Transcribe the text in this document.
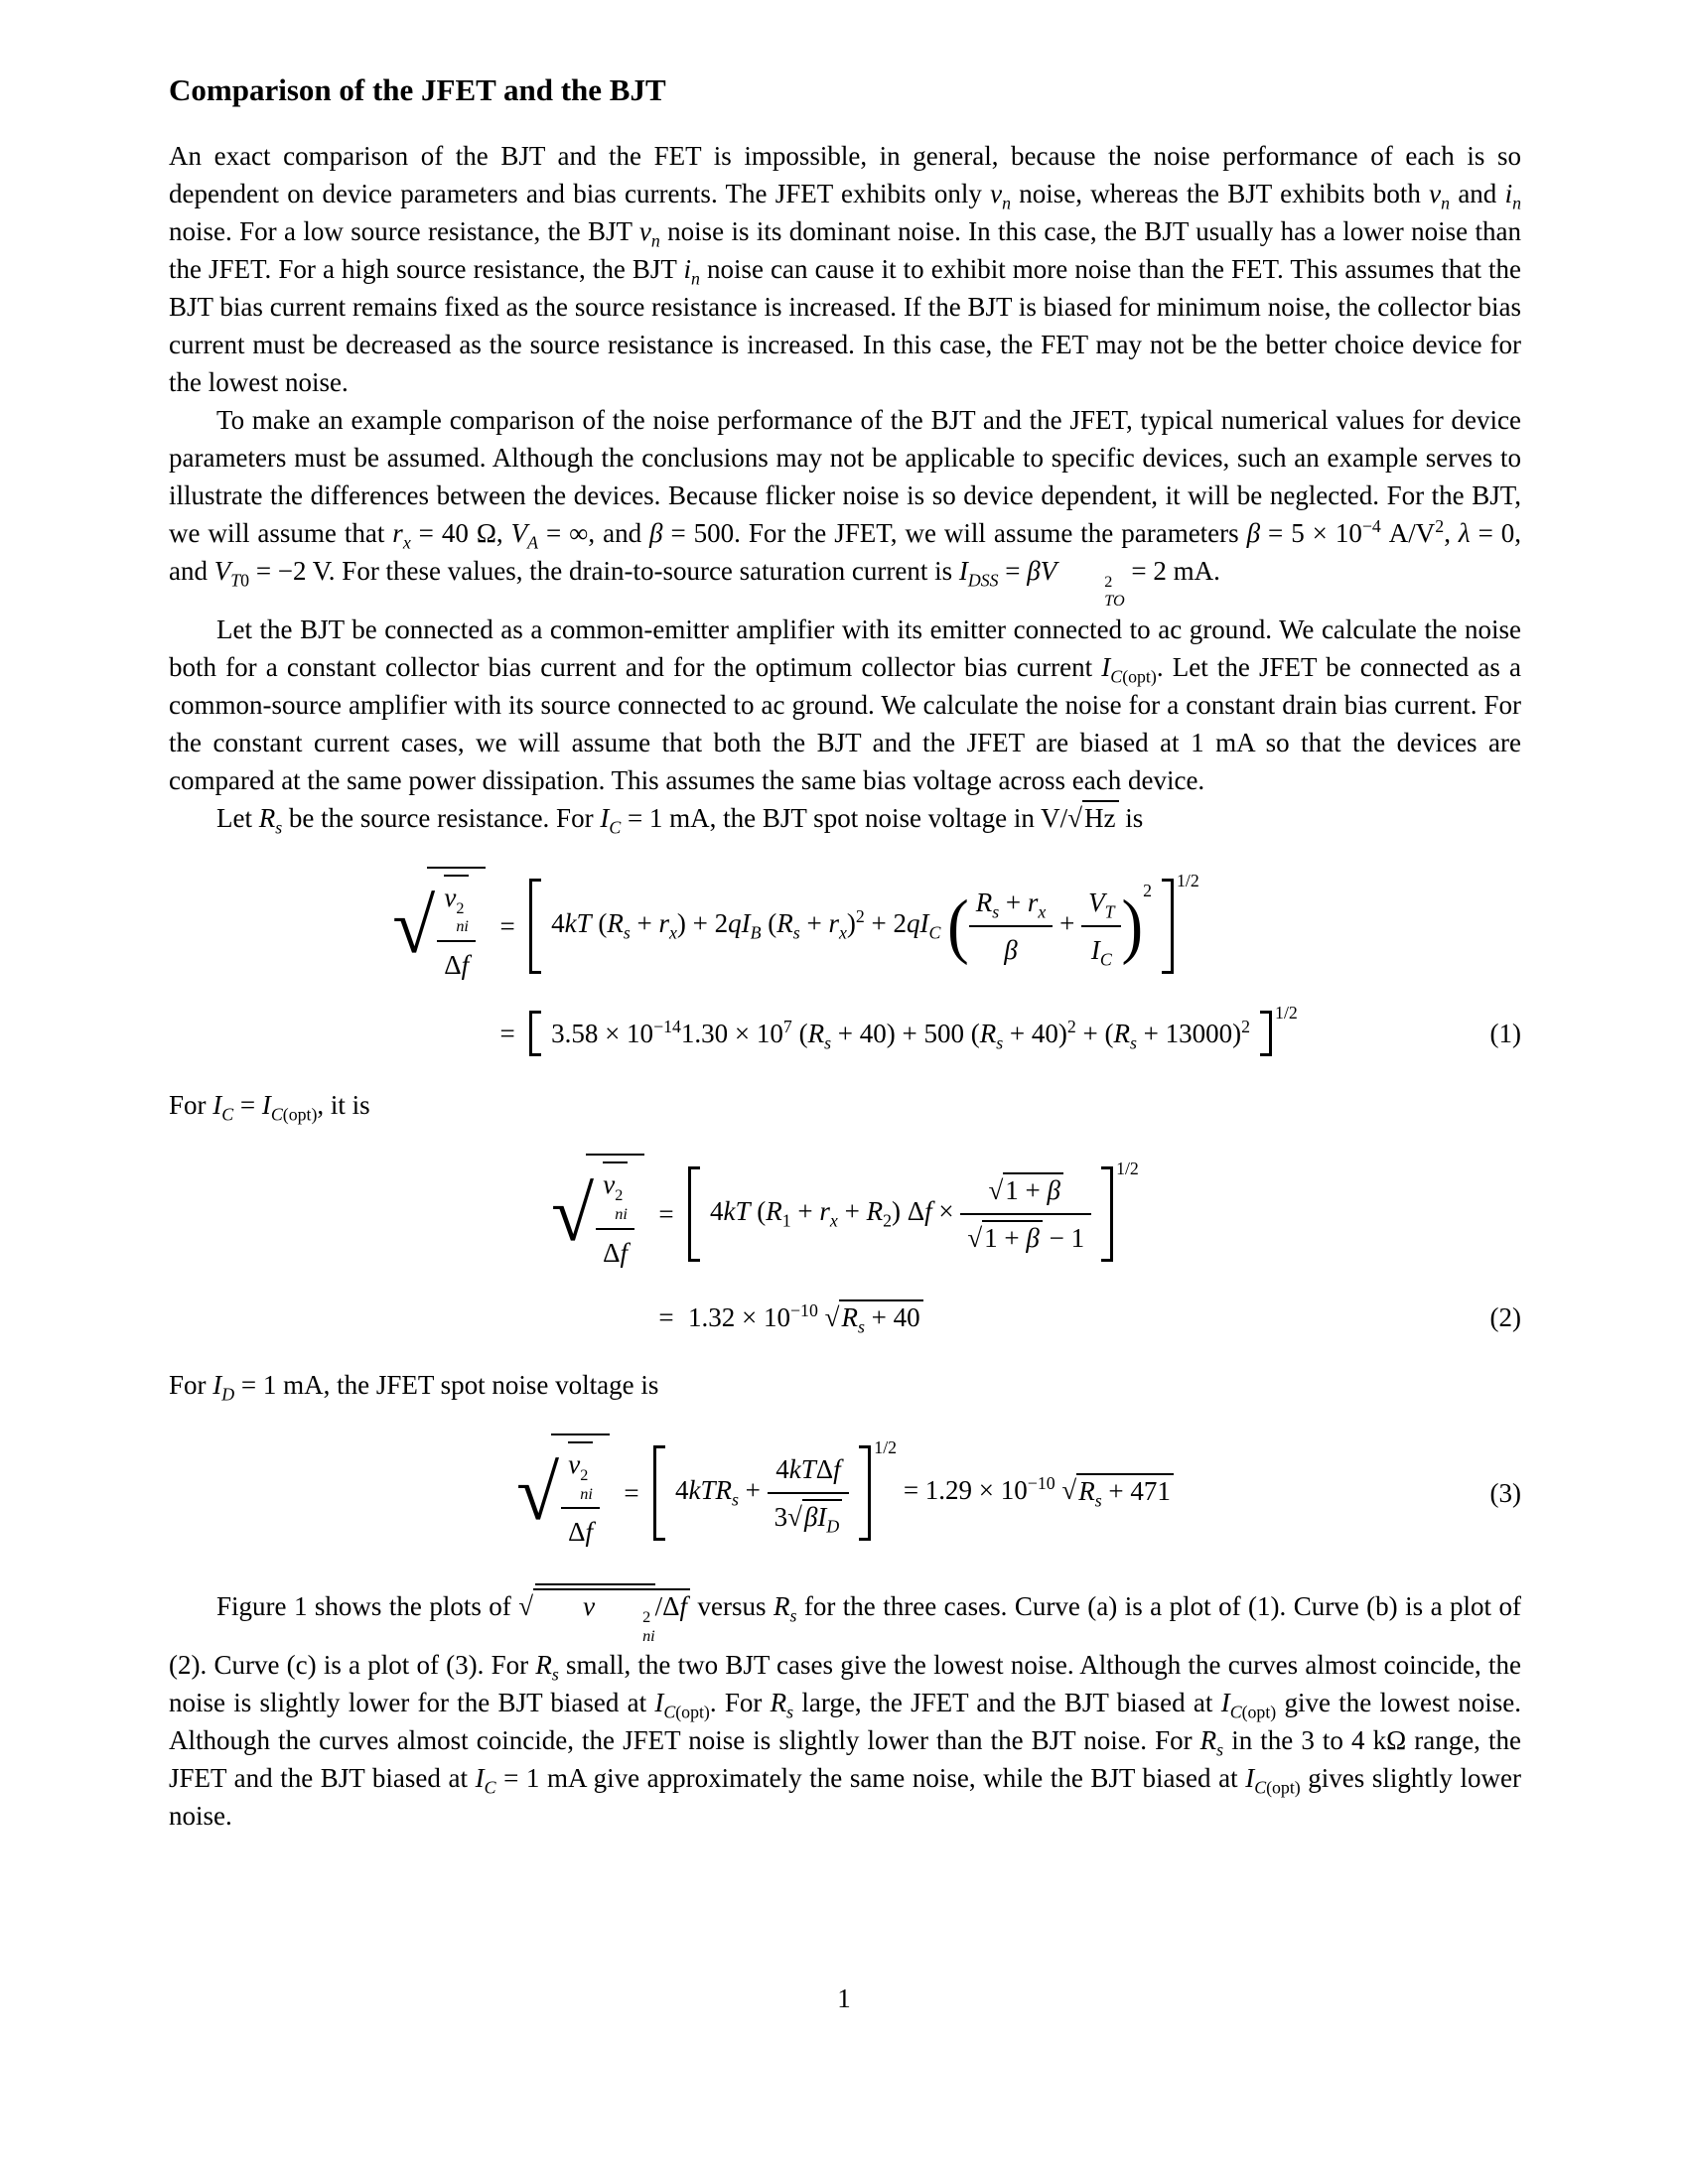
Comparison of the JFET and the BJT

An exact comparison of the BJT and the FET is impossible, in general, because the noise performance of each is so dependent on device parameters and bias currents. The JFET exhibits only $v_n$ noise, whereas the BJT exhibits both $v_n$ and $i_n$ noise. For a low source resistance, the BJT $v_n$ noise is its dominant noise. In this case, the BJT usually has a lower noise than the JFET. For a high source resistance, the BJT $i_n$ noise can cause it to exhibit more noise than the FET. This assumes that the BJT bias current remains fixed as the source resistance is increased. If the BJT is biased for minimum noise, the collector bias current must be decreased as the source resistance is increased. In this case, the FET may not be the better choice device for the lowest noise.

To make an example comparison of the noise performance of the BJT and the JFET, typical numerical values for device parameters must be assumed. Although the conclusions may not be applicable to specific devices, such an example serves to illustrate the differences between the devices. Because flicker noise is so device dependent, it will be neglected. For the BJT, we will assume that $r_x = 40$ Ω, $V_A$ = ∞, and β = 500. For the JFET, we will assume the parameters $\beta = 5 \times 10^{-4}$ $A/V^2$, λ = 0, and $V_{T0} = -2$ V. For these values, the drain-to-source saturation current is $I_{DSS} = \beta V$	2
TO
= 2 mA.

Let the BJT be connected as a common-emitter amplifier with its emitter connected to ac ground. We calculate the noise both for a constant collector bias current and for the optimum collector bias current $I_{C(opt)}$. Let the JFET be connected as a common-source amplifier with its source connected to ac ground. We calculate the noise for a constant drain bias current. For the constant current cases, we will assume that both the BJT and the JFET are biased at 1 mA so that the devices are compared at the same power dissipation. This assumes the same bias voltage across each device.

Let $R_s$ be the source resistance. For $I_C = 1$ mA, the BJT spot noise voltage in V/√Hz is

√ v 2
ni
Δf =	4kT $(R_s + r_x) + 2qI_B$ $(R_s + r_x)^2 + 2qI_C$ ( $\frac{R_s + r_x}{\beta} + \frac{V_T}{I_C} )^2$ 1/2
=	$3.58 \times 10^{-14}1.30 \times 10^7$ $(R_s + 40) + 500$ $(R_s + 40)^2 + (R_s + 13000)^2$
1/2
(1)

For $I_C = I_{C(opt)}$, it is

√ v 2
ni
Δf =	4kT $(R_1 + r_x + R_2) \Delta f \times \frac{√1 + \beta}{√1 + \beta - 1}$
1/2
= $1.32 \times 10^{-10}$ $√R_s + 40$	(2)

For $I_D = 1$ mA, the JFET spot noise voltage is

√ v 2
ni
Δf =	$4kTR_s + \frac{\text{4kTΔf}}{3√\beta I_D}$
1/2
= $1.29 \times 10^{-10}$ $√R_s + 471$	(3)

Figure 1 shows the plots of √ v	2
ni
/Δf versus $R_s$ for the three cases. Curve (a) is a plot of (1). Curve (b) is a plot of (2). Curve (c) is a plot of (3). For $R_s$ small, the two BJT cases give the lowest noise. Although the curves almost coincide, the noise is slightly lower for the BJT biased at $I_{C(opt)}$. For $R_s$ large, the JFET and the BJT biased at $I_{C(opt)}$ give the lowest noise. Although the curves almost coincide, the JFET noise is slightly lower than the BJT noise. For $R_s$ in the 3 to 4 kΩ range, the JFET and the BJT biased at $I_C = 1$ mA give approximately the same noise, while the BJT biased at $I_{C(opt)}$ gives slightly lower noise.

1
